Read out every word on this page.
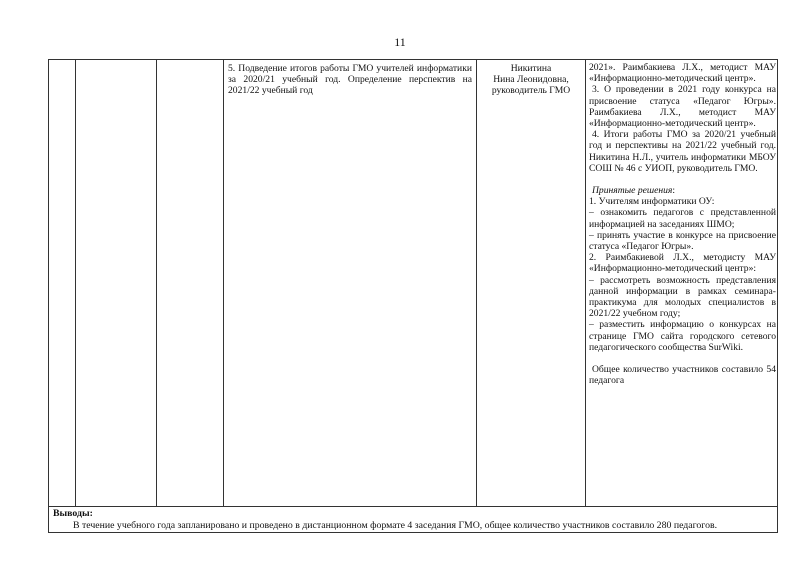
11
5. Подведение итогов работы ГМО учителей информатики за 2020/21 учебный год. Определение перспектив на 2021/22 учебный год
Никитина
Нина Леонидовна,
руководитель ГМО

2021». Раимбакиева Л.Х., методист МАУ «Информационно-методический центр».

3. О проведении в 2021 году конкурса на присвоение статуса «Педагог Югры». Раимбакиева Л.Х., методист МАУ «Информационно-методический центр».

4. Итоги работы ГМО за 2020/21 учебный год и перспективы на 2021/22 учебный год. Никитина Н.Л., учитель информатики МБОУ СОШ № 46 с УИОП, руководитель ГМО.

Принятые решения:

1. Учителям информатики ОУ:

– ознакомить педагогов с представленной информацией на заседаниях ШМО;

– принять участие в конкурсе на присвоение статуса «Педагог Югры».

2. Раимбакиевой Л.Х., методисту МАУ «Информационно-методический центр»:

– рассмотреть возможность представления данной информации в рамках семинара-практикума для молодых специалистов в 2021/22 учебном году;

– разместить информацию о конкурсах на странице ГМО сайта городского сетевого педагогического сообщества SurWiki.

Общее количество участников составило 54 педагога

Выводы:
В течение учебного года запланировано и проведено в дистанционном формате 4 заседания ГМО, общее количество участников составило 280 педагогов.
